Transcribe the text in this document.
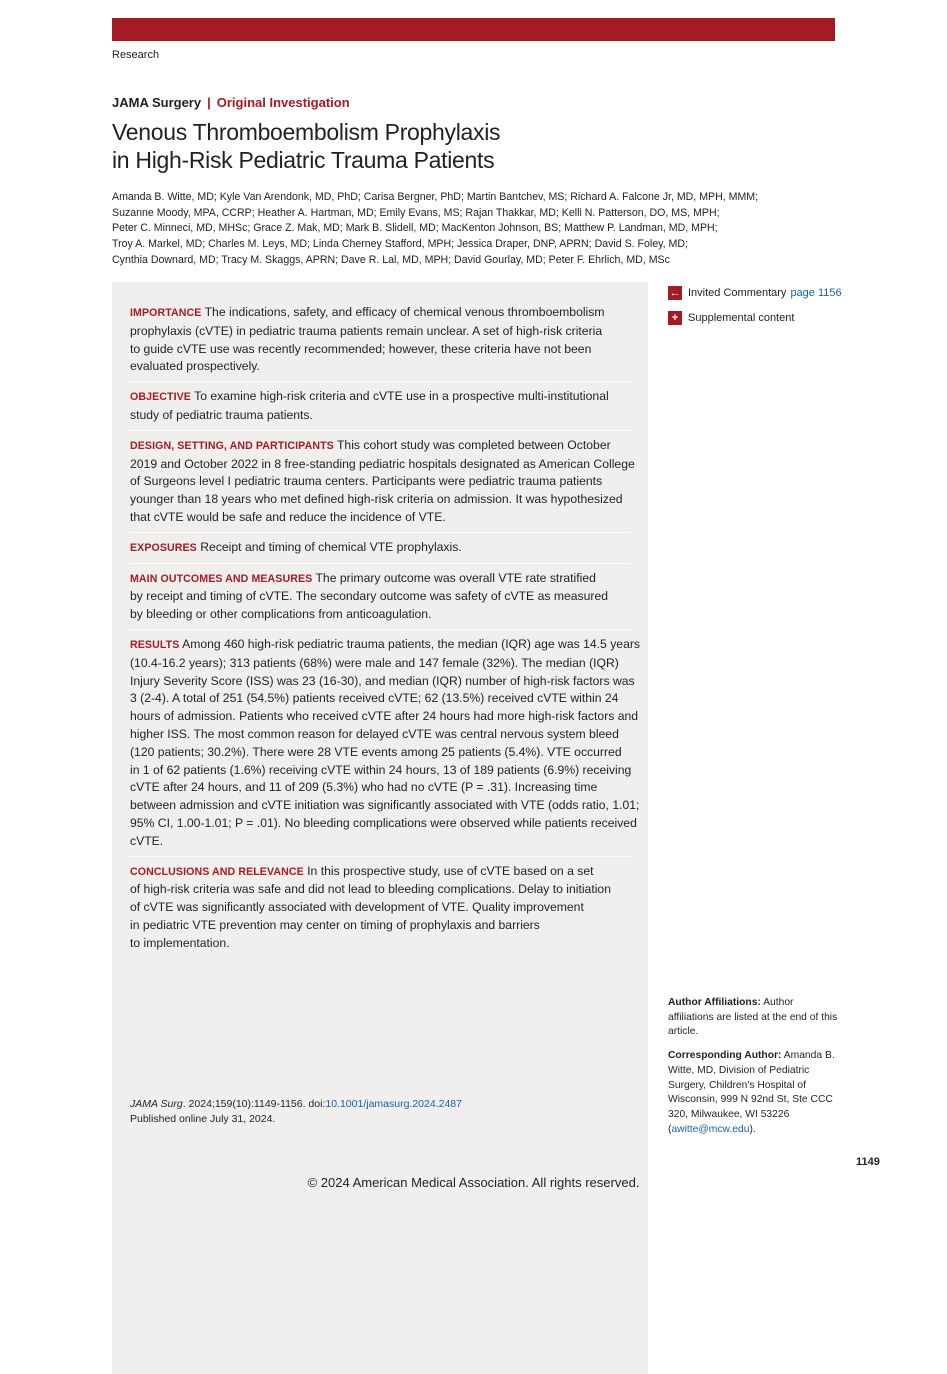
Research
JAMA Surgery | Original Investigation
Venous Thromboembolism Prophylaxis
in High-Risk Pediatric Trauma Patients
Amanda B. Witte, MD; Kyle Van Arendonk, MD, PhD; Carisa Bergner, PhD; Martin Bantchev, MS; Richard A. Falcone Jr, MD, MPH, MMM;
Suzanne Moody, MPA, CCRP; Heather A. Hartman, MD; Emily Evans, MS; Rajan Thakkar, MD; Kelli N. Patterson, DO, MS, MPH;
Peter C. Minneci, MD, MHSc; Grace Z. Mak, MD; Mark B. Slidell, MD; MacKenton Johnson, BS; Matthew P. Landman, MD, MPH;
Troy A. Markel, MD; Charles M. Leys, MD; Linda Cherney Stafford, MPH; Jessica Draper, DNP, APRN; David S. Foley, MD;
Cynthia Downard, MD; Tracy M. Skaggs, APRN; Dave R. Lal, MD, MPH; David Gourlay, MD; Peter F. Ehrlich, MD, MSc
IMPORTANCE The indications, safety, and efficacy of chemical venous thromboembolism
prophylaxis (cVTE) in pediatric trauma patients remain unclear. A set of high-risk criteria
to guide cVTE use was recently recommended; however, these criteria have not been
evaluated prospectively.
OBJECTIVE To examine high-risk criteria and cVTE use in a prospective multi-institutional
study of pediatric trauma patients.
DESIGN, SETTING, AND PARTICIPANTS This cohort study was completed between October
2019 and October 2022 in 8 free-standing pediatric hospitals designated as American College
of Surgeons level I pediatric trauma centers. Participants were pediatric trauma patients
younger than 18 years who met defined high-risk criteria on admission. It was hypothesized
that cVTE would be safe and reduce the incidence of VTE.
EXPOSURES Receipt and timing of chemical VTE prophylaxis.
MAIN OUTCOMES AND MEASURES The primary outcome was overall VTE rate stratified
by receipt and timing of cVTE. The secondary outcome was safety of cVTE as measured
by bleeding or other complications from anticoagulation.
RESULTS Among 460 high-risk pediatric trauma patients, the median (IQR) age was 14.5 years
(10.4-16.2 years); 313 patients (68%) were male and 147 female (32%). The median (IQR)
Injury Severity Score (ISS) was 23 (16-30), and median (IQR) number of high-risk factors was
3 (2-4). A total of 251 (54.5%) patients received cVTE; 62 (13.5%) received cVTE within 24
hours of admission. Patients who received cVTE after 24 hours had more high-risk factors and
higher ISS. The most common reason for delayed cVTE was central nervous system bleed
(120 patients; 30.2%). There were 28 VTE events among 25 patients (5.4%). VTE occurred
in 1 of 62 patients (1.6%) receiving cVTE within 24 hours, 13 of 189 patients (6.9%) receiving
cVTE after 24 hours, and 11 of 209 (5.3%) who had no cVTE (P = .31). Increasing time
between admission and cVTE initiation was significantly associated with VTE (odds ratio, 1.01;
95% CI, 1.00-1.01; P = .01). No bleeding complications were observed while patients received
cVTE.
CONCLUSIONS AND RELEVANCE In this prospective study, use of cVTE based on a set
of high-risk criteria was safe and did not lead to bleeding complications. Delay to initiation
of cVTE was significantly associated with development of VTE. Quality improvement
in pediatric VTE prevention may center on timing of prophylaxis and barriers
to implementation.
JAMA Surg. 2024;159(10):1149-1156. doi:10.1001/jamasurg.2024.2487
Published online July 31, 2024.
← Invited Commentary page 1156
+ Supplemental content

Author Affiliations: Author
affiliations are listed at the end of this
article.

Corresponding Author: Amanda B.
Witte, MD, Division of Pediatric
Surgery, Children's Hospital of
Wisconsin, 999 N 92nd St, Ste CCC
320, Milwaukee, WI 53226
(awitte@mcw.edu).

1149
© 2024 American Medical Association. All rights reserved.
